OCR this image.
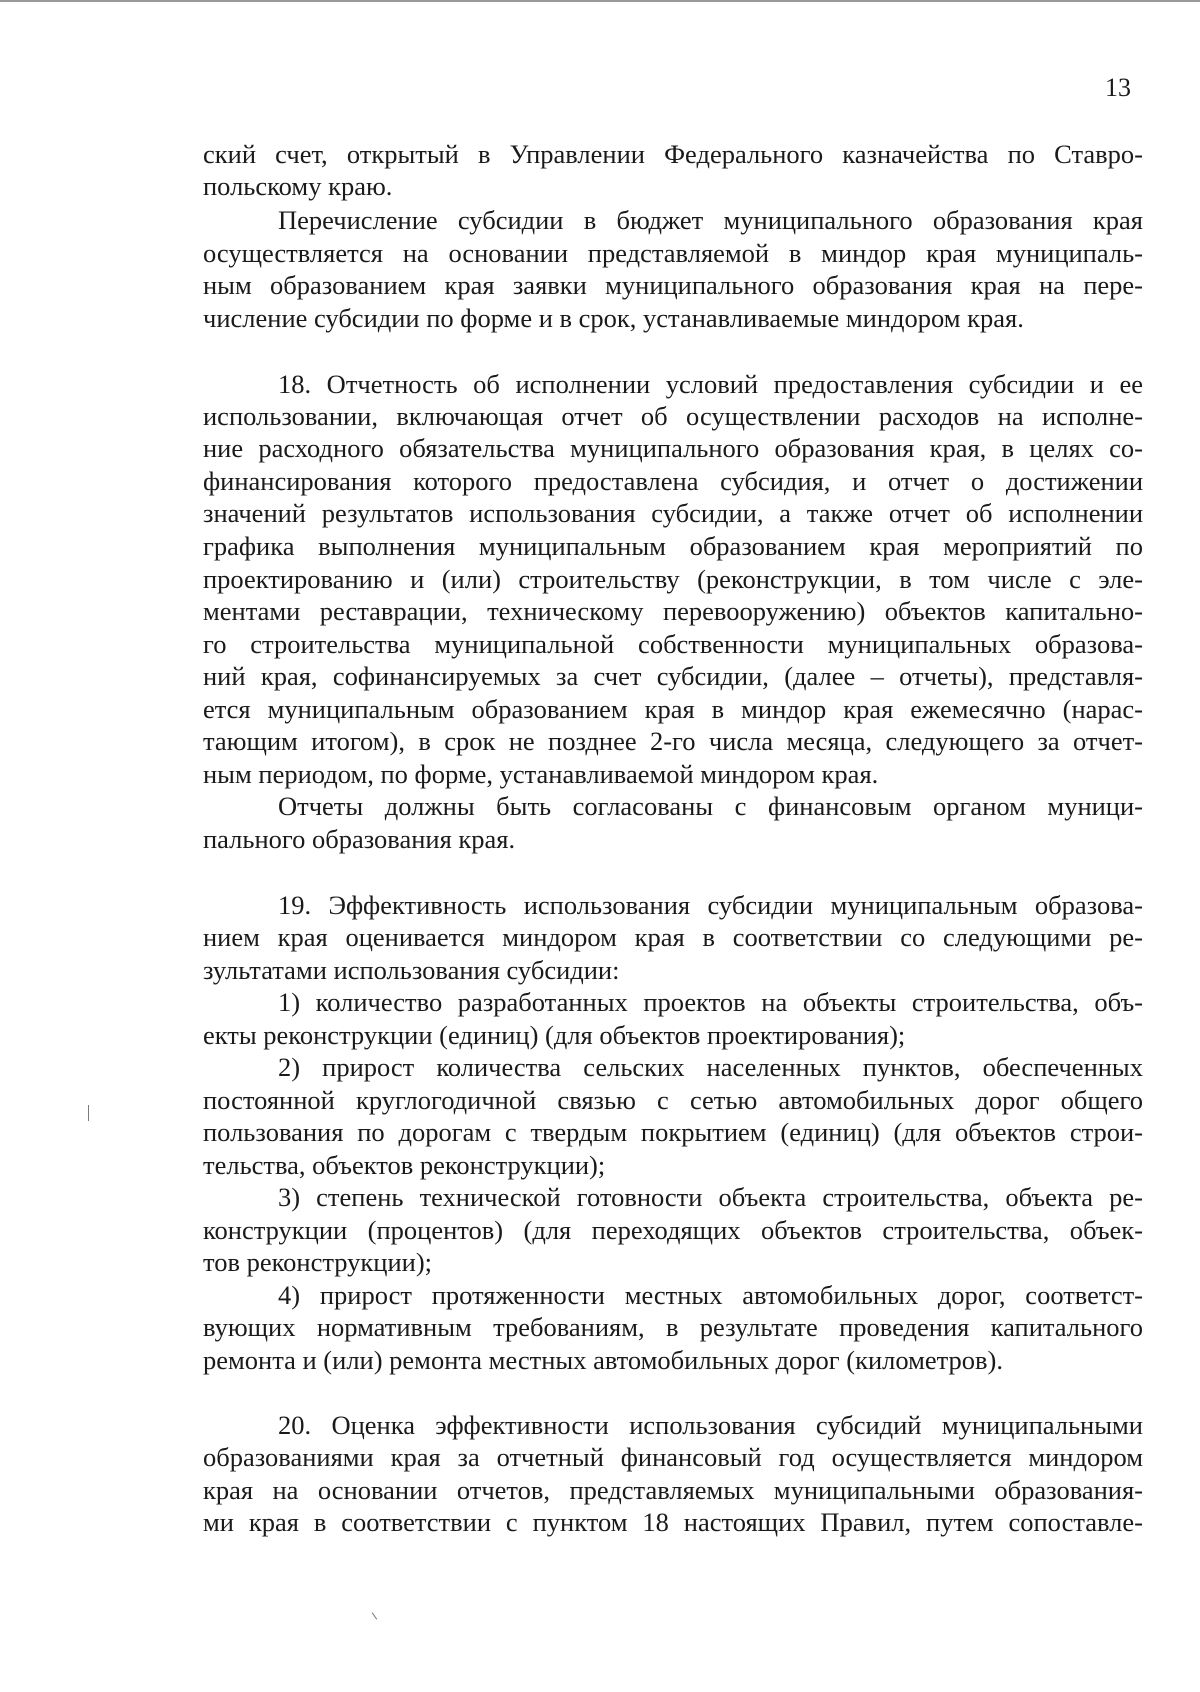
13
ский счет, открытый в Управлении Федерального казначейства по Ставро-
польскому краю.
Перечисление субсидии в бюджет муниципального образования края
осуществляется на основании представляемой в миндор края муниципаль-
ным образованием края заявки муниципального образования края на пере-
числение субсидии по форме и в срок, устанавливаемые миндором края.
18. Отчетность об исполнении условий предоставления субсидии и ее
использовании, включающая отчет об осуществлении расходов на исполне-
ние расходного обязательства муниципального образования края, в целях со-
финансирования которого предоставлена субсидия, и отчет о достижении
значений результатов использования субсидии, а также отчет об исполнении
графика выполнения муниципальным образованием края мероприятий по
проектированию и (или) строительству (реконструкции, в том числе с эле-
ментами реставрации, техническому перевооружению) объектов капитально-
го строительства муниципальной собственности муниципальных образова-
ний края, софинансируемых за счет субсидии, (далее – отчеты), представля-
ется муниципальным образованием края в миндор края ежемесячно (нарас-
тающим итогом), в срок не позднее 2-го числа месяца, следующего за отчет-
ным периодом, по форме, устанавливаемой миндором края.
Отчеты должны быть согласованы с финансовым органом муници-
пального образования края.
19. Эффективность использования субсидии муниципальным образова-
нием края оценивается миндором края в соответствии со следующими ре-
зультатами использования субсидии:
1) количество разработанных проектов на объекты строительства, объ-
екты реконструкции (единиц) (для объектов проектирования);
2) прирост количества сельских населенных пунктов, обеспеченных
постоянной круглогодичной связью с сетью автомобильных дорог общего
пользования по дорогам с твердым покрытием (единиц) (для объектов строи-
тельства, объектов реконструкции);
3) степень технической готовности объекта строительства, объекта ре-
конструкции (процентов) (для переходящих объектов строительства, объек-
тов реконструкции);
4) прирост протяженности местных автомобильных дорог, соответст-
вующих нормативным требованиям, в результате проведения капитального
ремонта и (или) ремонта местных автомобильных дорог (километров).
20. Оценка эффективности использования субсидий муниципальными
образованиями края за отчетный финансовый год осуществляется миндором
края на основании отчетов, представляемых муниципальными образования-
ми края в соответствии с пунктом 18 настоящих Правил, путем сопоставле-
